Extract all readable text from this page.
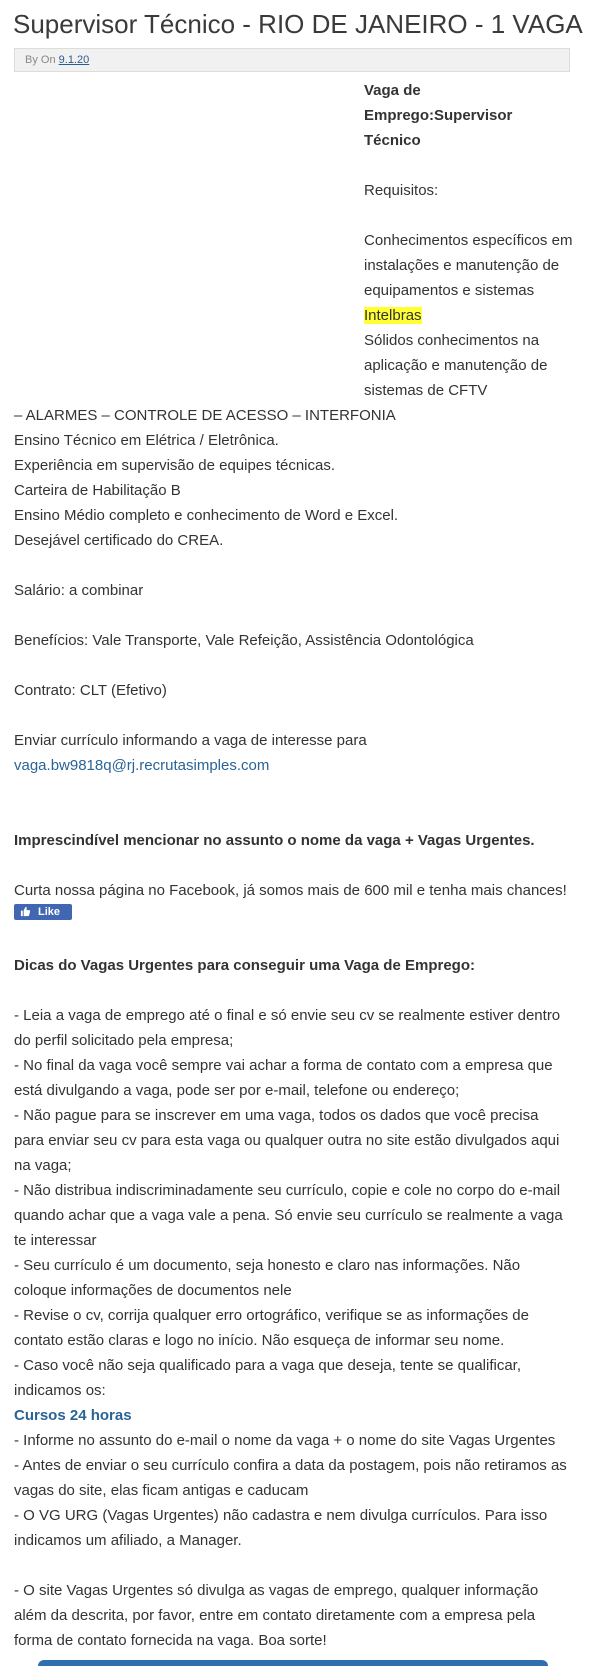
Supervisor Técnico - RIO DE JANEIRO - 1 VAGA
By On 9.1.20
Vaga de
Emprego:Supervisor
Técnico
Requisitos:
Conhecimentos específicos em
instalações e manutenção de
equipamentos e sistemas
Intelbras
Sólidos conhecimentos na
aplicação e manutenção de
sistemas de CFTV
– ALARMES – CONTROLE DE ACESSO – INTERFONIA
Ensino Técnico em Elétrica / Eletrônica.
Experiência em supervisão de equipes técnicas.
Carteira de Habilitação B
Ensino Médio completo e conhecimento de Word e Excel.
Desejável certificado do CREA.
Salário: a combinar
Benefícios: Vale Transporte, Vale Refeição, Assistência Odontológica
Contrato: CLT (Efetivo)
Enviar currículo informando a vaga de interesse para
vaga.bw9818q@rj.recrutasimples.com
Imprescindível mencionar no assunto o nome da vaga + Vagas Urgentes.
Curta nossa página no Facebook, já somos mais de 600 mil e tenha mais chances!
Like
Dicas do Vagas Urgentes para conseguir uma Vaga de Emprego:
- Leia a vaga de emprego até o final e só envie seu cv se realmente estiver dentro
do perfil solicitado pela empresa;
- No final da vaga você sempre vai achar a forma de contato com a empresa que
está divulgando a vaga, pode ser por e-mail, telefone ou endereço;
- Não pague para se inscrever em uma vaga, todos os dados que você precisa
para enviar seu cv para esta vaga ou qualquer outra no site estão divulgados aqui
na vaga;
- Não distribua indiscriminadamente seu currículo, copie e cole no corpo do e-mail
quando achar que a vaga vale a pena. Só envie seu currículo se realmente a vaga
te interessar
- Seu currículo é um documento, seja honesto e claro nas informações. Não
coloque informações de documentos nele
- Revise o cv, corrija qualquer erro ortográfico, verifique se as informações de
contato estão claras e logo no início. Não esqueça de informar seu nome.
- Caso você não seja qualificado para a vaga que deseja, tente se qualificar,
indicamos os:
Cursos 24 horas
- Informe no assunto do e-mail o nome da vaga + o nome do site Vagas Urgentes
- Antes de enviar o seu currículo confira a data da postagem, pois não retiramos as
vagas do site, elas ficam antigas e caducam
- O VG URG (Vagas Urgentes) não cadastra e nem divulga currículos. Para isso
indicamos um afiliado, a Manager.
- O site Vagas Urgentes só divulga as vagas de emprego, qualquer informação
além da descrita, por favor, entre em contato diretamente com a empresa pela
forma de contato fornecida na vaga. Boa sorte!
